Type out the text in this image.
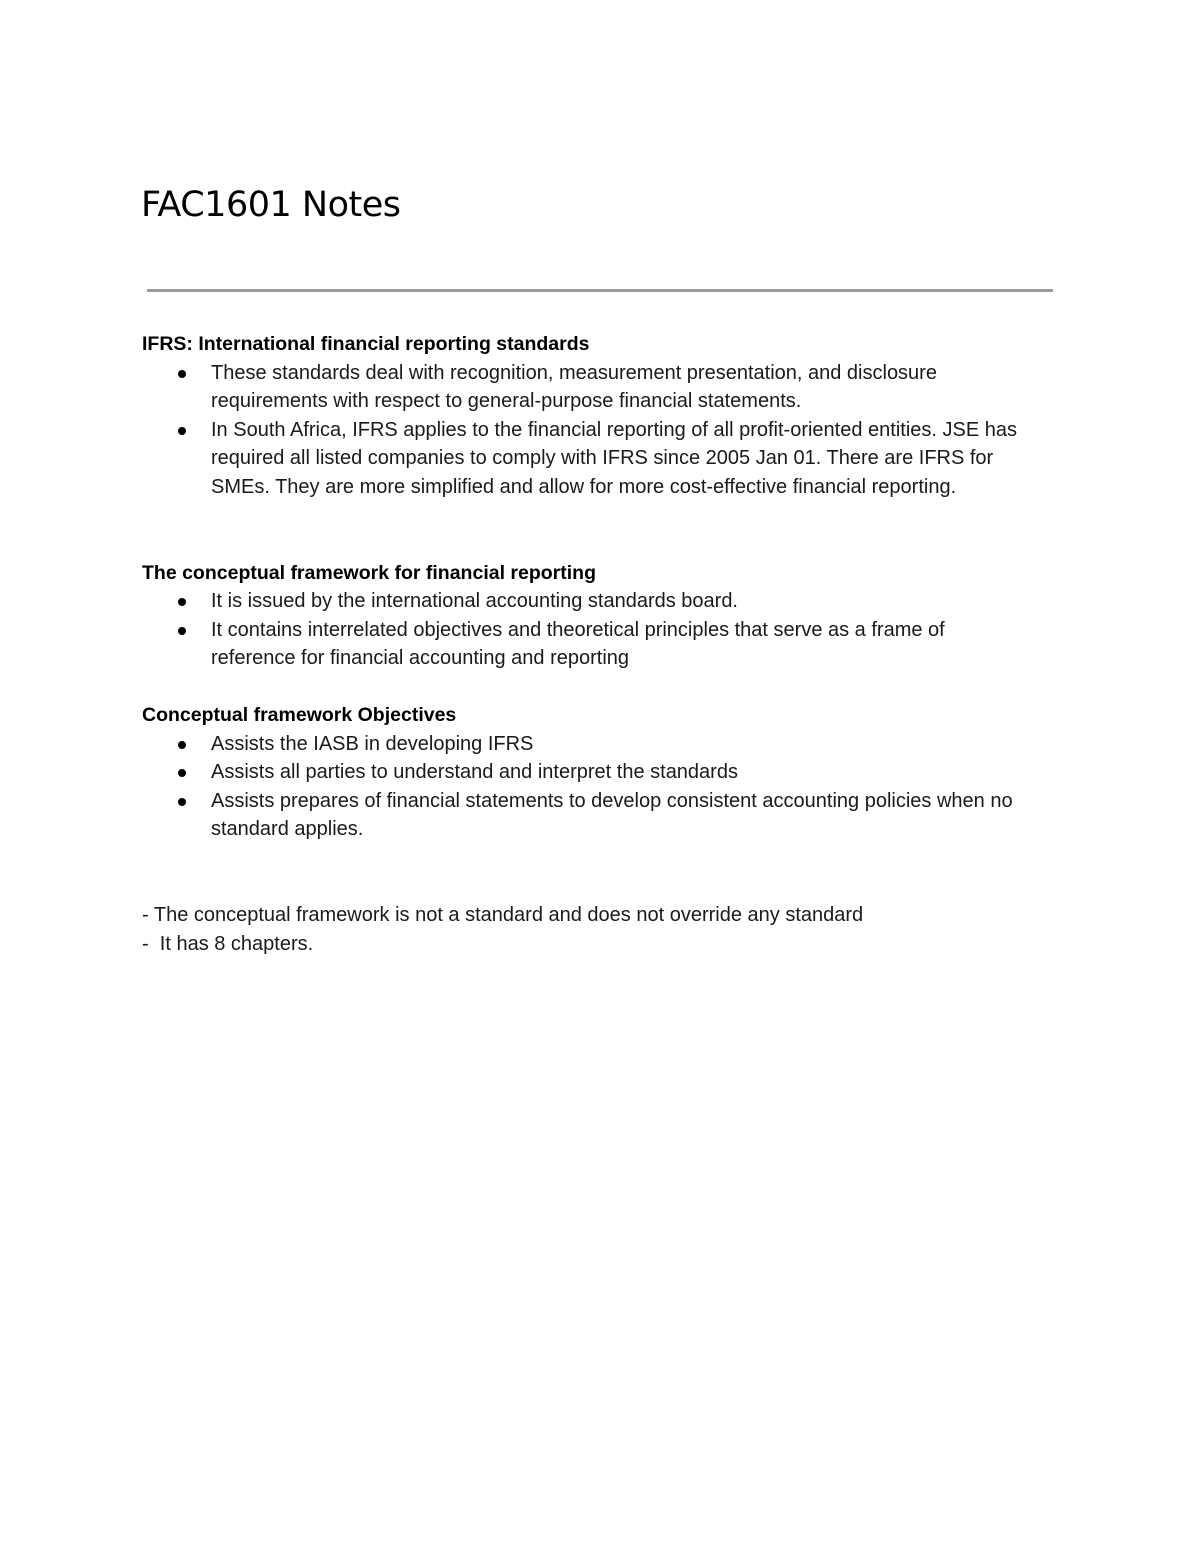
FAC1601 Notes

IFRS: International financial reporting standards

These standards deal with recognition, measurement presentation, and disclosure requirements with respect to general-purpose financial statements.
In South Africa, IFRS applies to the financial reporting of all profit-oriented entities. JSE has required all listed companies to comply with IFRS since 2005 Jan 01. There are IFRS for SMEs. They are more simplified and allow for more cost-effective financial reporting.

The conceptual framework for financial reporting

It is issued by the international accounting standards board.
It contains interrelated objectives and theoretical principles that serve as a frame of reference for financial accounting and reporting

Conceptual framework Objectives

Assists the IASB in developing IFRS
Assists all parties to understand and interpret the standards
Assists prepares of financial statements to develop consistent accounting policies when no standard applies.

- The conceptual framework is not a standard and does not override any standard

-  It has 8 chapters.
